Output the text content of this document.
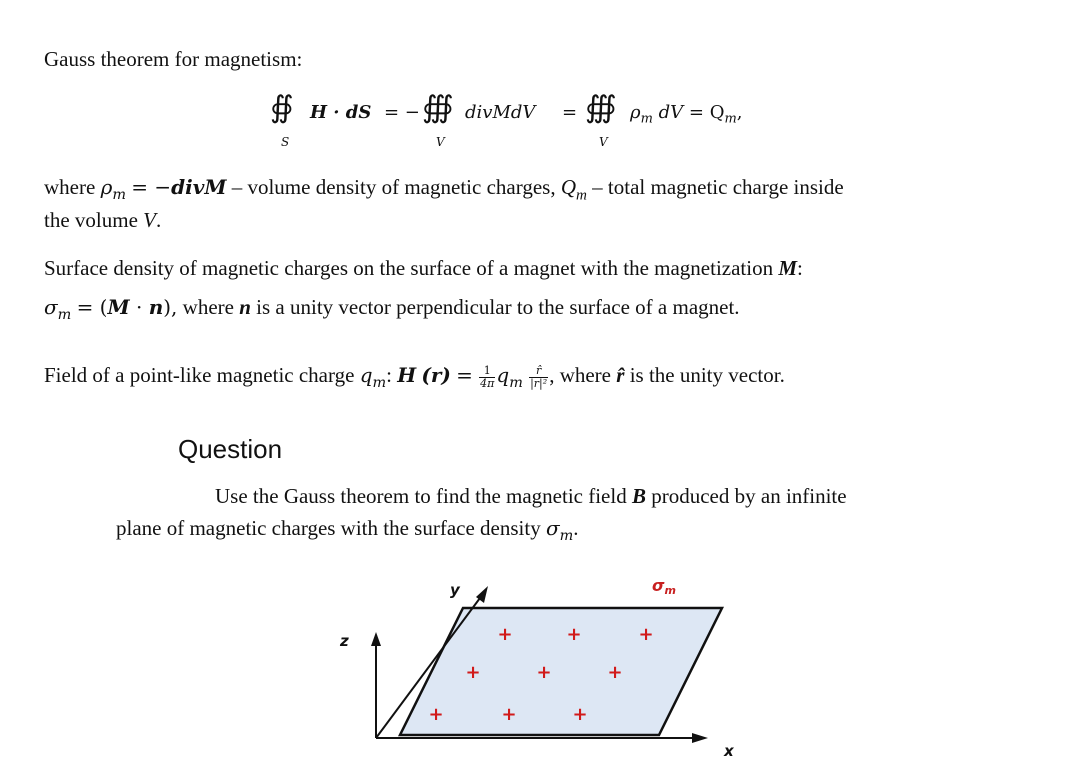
Gauss theorem for magnetism:
∯
S
H · dS = − ∰
V
divMdV = ∰
V
$\rho_m$ dV = $Q_m$,
where $\rho_m$ = −divM – volume density of magnetic charges, $Q_m$ – total magnetic charge inside
the volume V.
Surface density of magnetic charges on the surface of a magnet with the magnetization M:
$\sigma_m = (M \cdot n)$, where n is a unity vector perpendicular to the surface of a magnet.
Field of a point-like magnetic charge $q_m$: H $(r) = \frac{1}{4\pi} q_m \frac{r̂}{\text{|r|²}}$ , where r̂ is the unity vector.
Question
Use the Gauss theorem to find the magnetic field B produced by an infinite
plane of magnetic charges with the surface density $\sigma_m$.
z
y
x
σm
+	+	+
+	+	+
+	+	+
